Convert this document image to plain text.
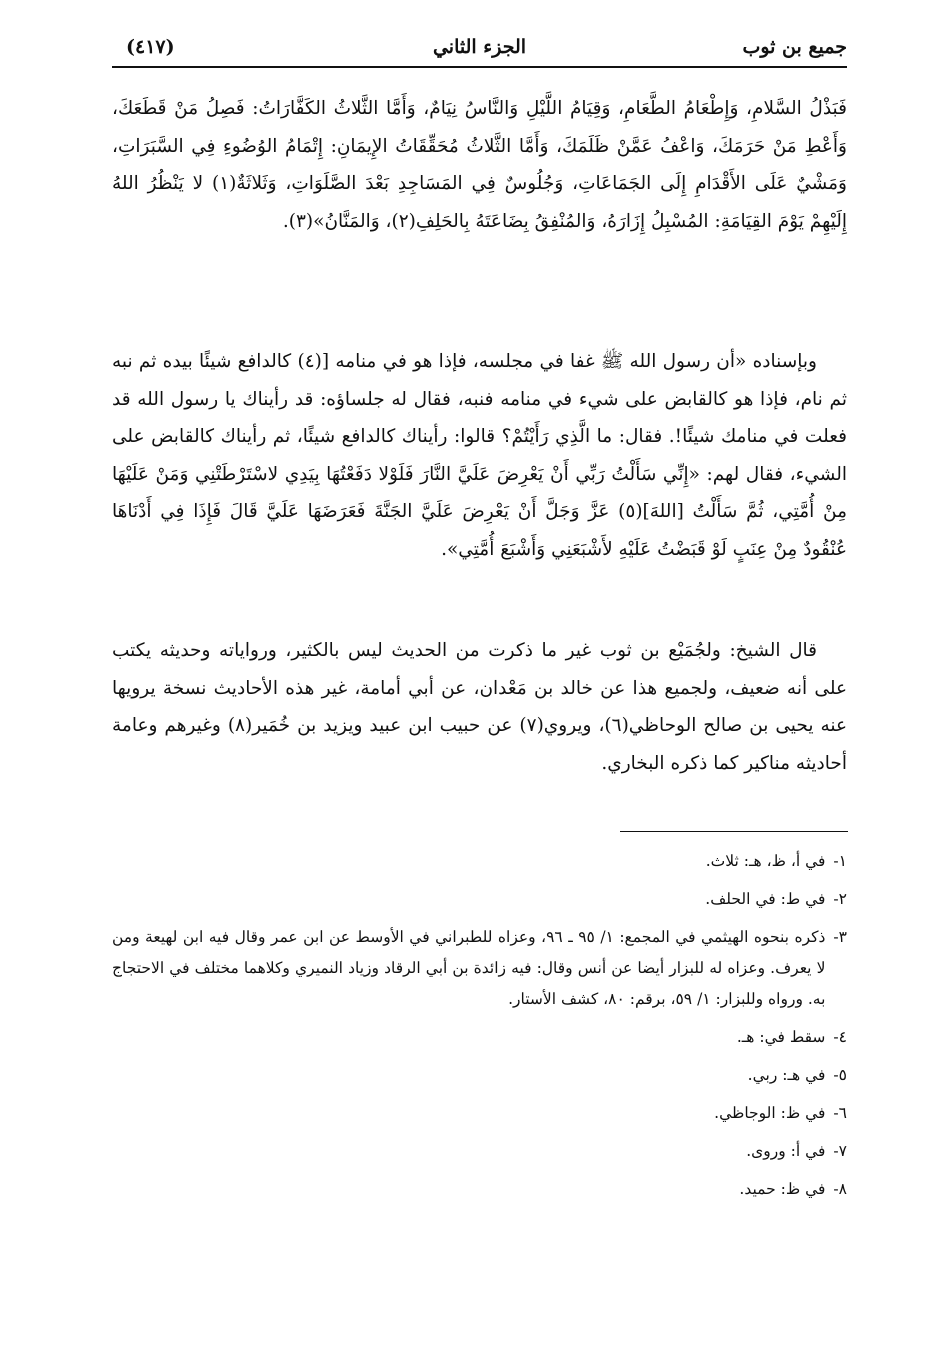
جميع بن ثوب
الجزء الثاني
(٤١٧)

فَبَذْلُ السَّلامِ، وَإِطْعَامُ الطَّعَامِ، وَقِيَامُ اللَّيْلِ وَالنَّاسُ نِيَامٌ، وَأَمَّا الثَّلاثُ الكَفَّارَاتُ: فَصِلُ مَنْ قَطَعَكَ، وَأَعْطِ مَنْ حَرَمَكَ، وَاعْفُ عَمَّنْ ظَلَمَكَ، وَأَمَّا الثَّلاثُ مُحَقِّقَاتُ الإِيمَانِ: إِتْمَامُ الوُضُوءِ فِي السَّبَرَاتِ، وَمَشْيٌ عَلَى الأَقْدَامِ إِلَى الجَمَاعَاتِ، وَجُلُوسٌ فِي المَسَاجِدِ بَعْدَ الصَّلَوَاتِ، وَثَلاثَةٌ(١) لا يَنْظُرُ اللهُ إِلَيْهِمْ يَوْمَ القِيَامَةِ: المُسْبِلُ إِزَارَهُ، وَالمُنْفِقُ بِضَاعَتَهُ بِالحَلِفِ(٢)، وَالمَنَّانُ»(٣).

وبإسناده «أن رسول الله ﷺ غفا في مجلسه، فإذا هو في منامه [(٤) كالدافع شيئًا بيده ثم نبه ثم نام، فإذا هو كالقابض على شيء في منامه فنبه، فقال له جلساؤه: قد رأيناك يا رسول الله قد فعلت في منامك شيئًا!. فقال: ما الَّذِي رَأَيْتُمْ؟ قالوا: رأيناك كالدافع شيئًا، ثم رأيناك كالقابض على الشيء، فقال لهم: «إِنِّي سَأَلْتُ رَبِّي أَنْ يَعْرِضَ عَلَيَّ النَّارَ فَلَوْلا دَفَعْتُهَا بِيَدِي لاسْتَرْطَتْنِي وَمَنْ عَلَيْهَا مِنْ أُمَّتِي، ثُمَّ سَأَلْتُ [اللهَ](٥) عَزَّ وَجَلَّ أَنْ يَعْرِضَ عَلَيَّ الجَنَّةَ فَعَرَضَهَا عَلَيَّ قَالَ فَإِذَا فِي أَدْنَاهَا عُنْقُودٌ مِنْ عِنَبٍ لَوْ قَبَضْتُ عَلَيْهِ لأَشْبَعَنِي وَأَشْبَعَ أُمَّتِي».

قال الشيخ: ولجُمَيْع بن ثوب غير ما ذكرت من الحديث ليس بالكثير، ورواياته وحديثه يكتب على أنه ضعيف، ولجميع هذا عن خالد بن مَعْدان، عن أبي أمامة، غير هذه الأحاديث نسخة يرويها عنه يحيى بن صالح الوحاظي(٦)، ويروي(٧) عن حبيب ابن عبيد ويزيد بن خُمَير(٨) وغيرهم وعامة أحاديثه مناكير كما ذكره البخاري.

١-
في أ، ظ، هـ: ثلاث.
٢-
في ط: في الحلف.
٣-
ذكره بنحوه الهيثمي في المجمع: ١/ ٩٥ ـ ٩٦، وعزاه للطبراني في الأوسط عن ابن عمر وقال فيه ابن لهيعة ومن لا يعرف. وعزاه له للبزار أيضا عن أنس وقال: فيه زائدة بن أبي الرقاد وزياد النميري وكلاهما مختلف في الاحتجاج به. ورواه وللبزار: ١/ ٥٩، برقم: ٨٠، كشف الأستار.
٤-
سقط في: هـ.
٥-
في هـ: ربي.
٦-
في ظ: الوجاظي.
٧-
في أ: وروى.
٨-
في ظ: حميد.
